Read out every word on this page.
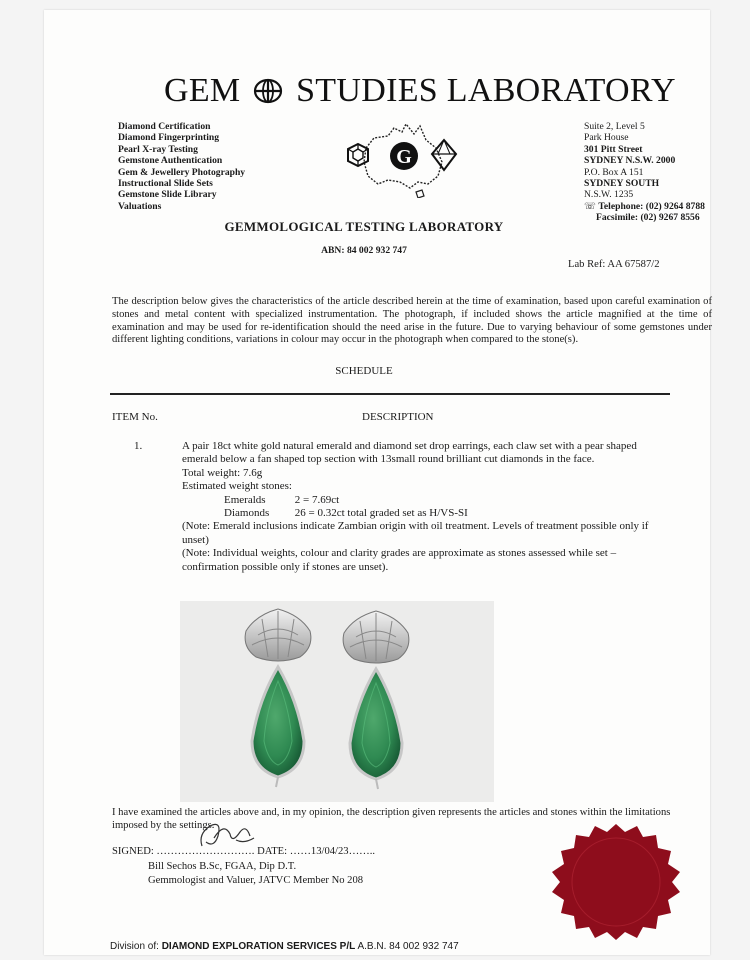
GEM STUDIES LABORATORY
Diamond Certification
Diamond Fingerprinting
Pearl X-ray Testing
Gemstone Authentication
Gem & Jewellery Photography
Instructional Slide Sets
Gemstone Slide Library
Valuations
G
Suite 2, Level 5
Park House
301 Pitt Street
SYDNEY N.S.W. 2000
P.O. Box A 151
SYDNEY SOUTH
N.S.W. 1235
☏ Telephone: (02) 9264 8788
Facsimile: (02) 9267 8556
GEMMOLOGICAL TESTING LABORATORY
ABN: 84 002 932 747
Lab Ref: AA 67587/2
The description below gives the characteristics of the article described herein at the time of examination, based upon careful examination of stones and metal content with specialized instrumentation. The photograph, if included shows the article magnified at the time of examination and may be used for re-identification should the need arise in the future. Due to varying behaviour of some gemstones under different lighting conditions, variations in colour may occur in the photograph when compared to the stone(s).
SCHEDULE
ITEM No.	DESCRIPTION
1.	A pair 18ct white gold natural emerald and diamond set drop earrings, each claw set with a pear shaped emerald below a fan shaped top section with 13small round brilliant cut diamonds in the face.
Total weight: 7.6g
Estimated weight stones:
Emeralds	2 = 7.69ct
Diamonds 26 = 0.32ct total graded set as H/VS-SI
(Note: Emerald inclusions indicate Zambian origin with oil treatment. Levels of treatment possible only if unset)
(Note: Individual weights, colour and clarity grades are approximate as stones assessed while set – confirmation possible only if stones are unset).
I have examined the articles above and, in my opinion, the description given represents the articles and stones within the limitations imposed by the settings.
SIGNED: ………………………. DATE: ……13/04/23……..
Bill Sechos B.Sc, FGAA, Dip D.T.
Gemmologist and Valuer, JATVC Member No 208
Division of: DIAMOND EXPLORATION SERVICES P/L A.B.N. 84 002 932 747
